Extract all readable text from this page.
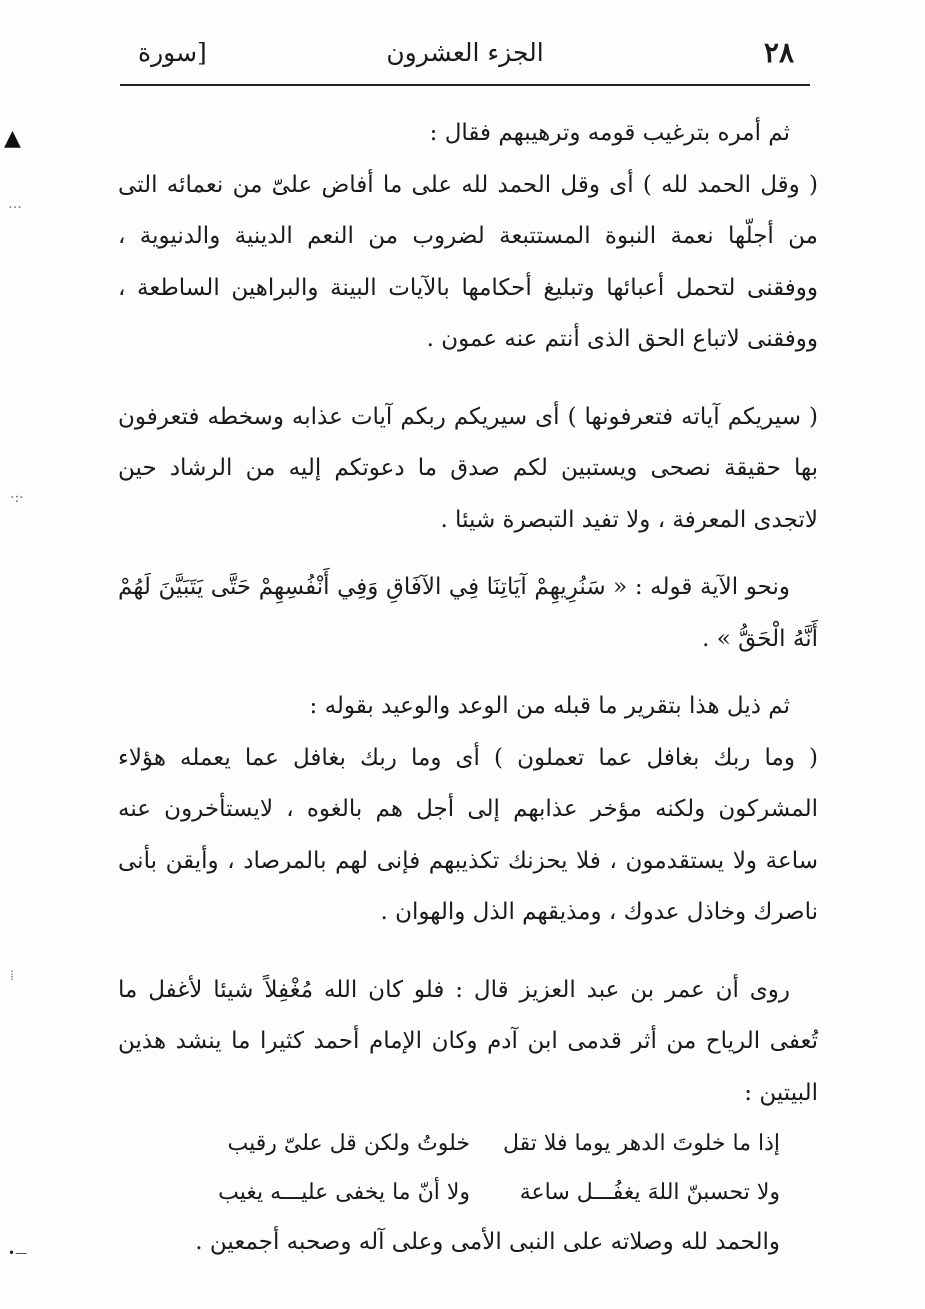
٢٨
الجزء العشرون
[سورة

ثم أمره بترغيب قومه وترهيبهم فقال :

( وقل الحمد لله ) أى وقل الحمد لله على ما أفاض علىّ من نعمائه التى من أجلّها نعمة النبوة المستتبعة لضروب من النعم الدينية والدنيوية ، ووفقنى لتحمل أعبائها وتبليغ أحكامها بالآيات البينة والبراهين الساطعة ، ووفقنى لاتباع الحق الذى أنتم عنه عمون .

( سيريكم آياته فتعرفونها ) أى سيريكم ربكم آيات عذابه وسخطه فتعرفون بها حقيقة نصحى ويستبين لكم صدق ما دعوتكم إليه من الرشاد حين لاتجدى المعرفة ، ولا تفيد التبصرة شيئا .

ونحو الآية قوله : « سَنُرِيهِمْ آيَاتِنَا فِي الآفَاقِ وَفِي أَنْفُسِهِمْ حَتَّى يَتَبَيَّنَ لَهُمْ أَنَّهُ الْحَقُّ » .

ثم ذيل هذا بتقرير ما قبله من الوعد والوعيد بقوله :

( وما ربك بغافل عما تعملون ) أى وما ربك بغافل عما يعمله هؤلاء المشركون ولكنه مؤخر عذابهم إلى أجل هم بالغوه ، لايستأخرون عنه ساعة ولا يستقدمون ، فلا يحزنك تكذيبهم فإنى لهم بالمرصاد ، وأيقن بأنى ناصرك وخاذل عدوك ، ومذيقهم الذل والهوان .

روى أن عمر بن عبد العزيز قال : فلو كان الله مُغْفِلاً شيئا لأغفل ما تُعفى الرياح من أثر قدمى ابن آدم وكان الإمام أحمد كثيرا ما ينشد هذين البيتين :

إذا ما خلوتَ الدهر يوما فلا تقلخلوتُ ولكن قل علىّ رقيب
ولا تحسبنّ اللهَ يغفُـــل ساعةولا أنّ ما يخفى عليـــه يغيب

والحمد لله وصلاته على النبى الأمى وعلى آله وصحبه أجمعين .

▲
…
·:·
⁞
•—
